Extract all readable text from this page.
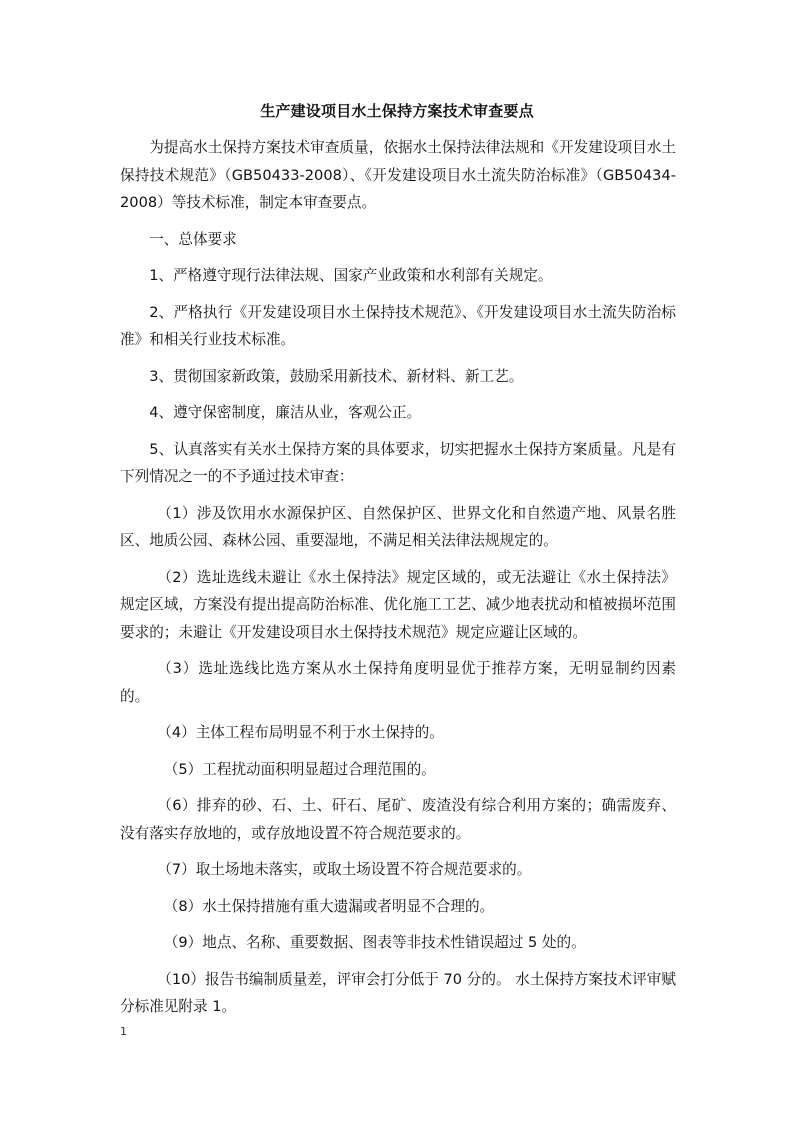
生产建设项目水土保持方案技术审查要点

为提高水土保持方案技术审查质量，依据水土保持法律法规和《开发建设项目水土保持技术规范》（GB50433-2008）、《开发建设项目水土流失防治标准》（GB50434-2008）等技术标准，制定本审查要点。

一、总体要求

1、严格遵守现行法律法规、国家产业政策和水利部有关规定。

2、严格执行《开发建设项目水土保持技术规范》、《开发建设项目水土流失防治标准》和相关行业技术标准。

3、贯彻国家新政策，鼓励采用新技术、新材料、新工艺。

4、遵守保密制度，廉洁从业，客观公正。

5、认真落实有关水土保持方案的具体要求，切实把握水土保持方案质量。凡是有下列情况之一的不予通过技术审查：

（1）涉及饮用水水源保护区、自然保护区、世界文化和自然遗产地、风景名胜区、地质公园、森林公园、重要湿地，不满足相关法律法规规定的。

（2）选址选线未避让《水土保持法》规定区域的，或无法避让《水土保持法》规定区域，方案没有提出提高防治标准、优化施工工艺、减少地表扰动和植被损坏范围要求的；未避让《开发建设项目水土保持技术规范》规定应避让区域的。

（3）选址选线比选方案从水土保持角度明显优于推荐方案，无明显制约因素的。

（4）主体工程布局明显不利于水土保持的。

（5）工程扰动面积明显超过合理范围的。

（6）排弃的砂、石、土、矸石、尾矿、废渣没有综合利用方案的；确需废弃、没有落实存放地的，或存放地设置不符合规范要求的。

（7）取土场地未落实，或取土场设置不符合规范要求的。

（8）水土保持措施有重大遗漏或者明显不合理的。

（9）地点、名称、重要数据、图表等非技术性错误超过 5 处的。

（10）报告书编制质量差，评审会打分低于 70 分的。 水土保持方案技术评审赋分标准见附录 1。

1
